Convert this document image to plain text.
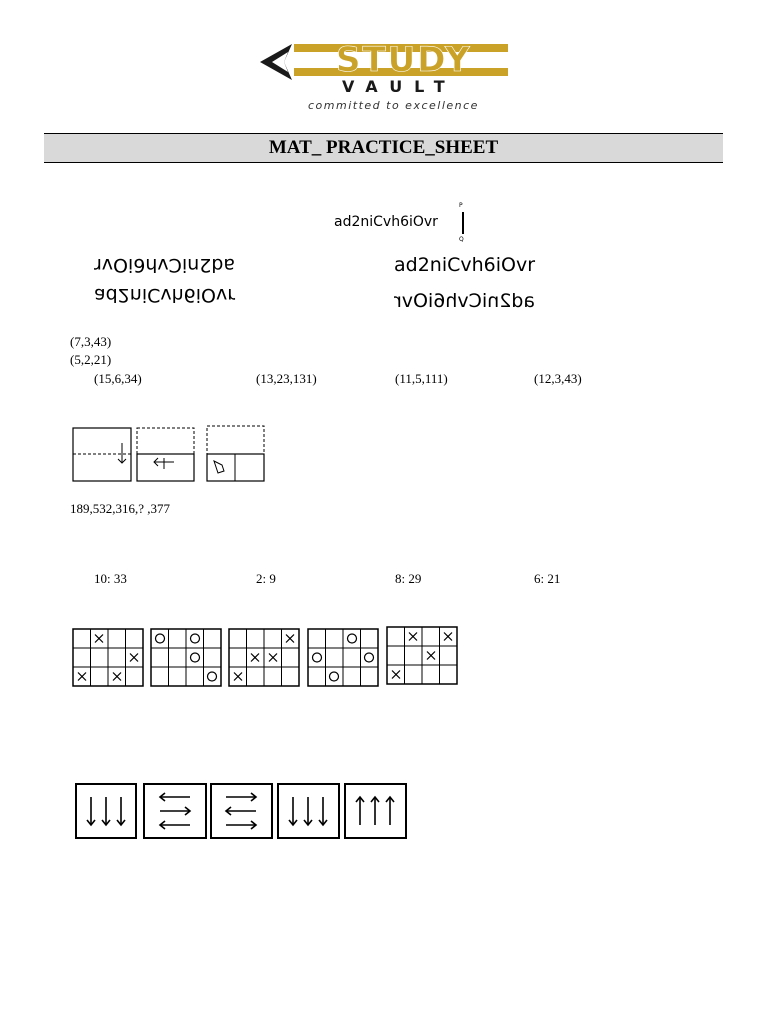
STUDY
VAULT
committed to excellence
MAT_ PRACTICE_SHEET
ad2niCvh6iOvr
P
Q
ad2niCvh6iOvr
ad2niCvh6iOvr
ad2niCvh6iOvr
ad2niCvh6iOvr
(7,3,43)
(5,2,21)
(15,6,34)	(13,23,131)	(11,5,111)	(12,3,43)
189,532,316,? ,377
10: 33	2: 9	8: 29	6: 21
